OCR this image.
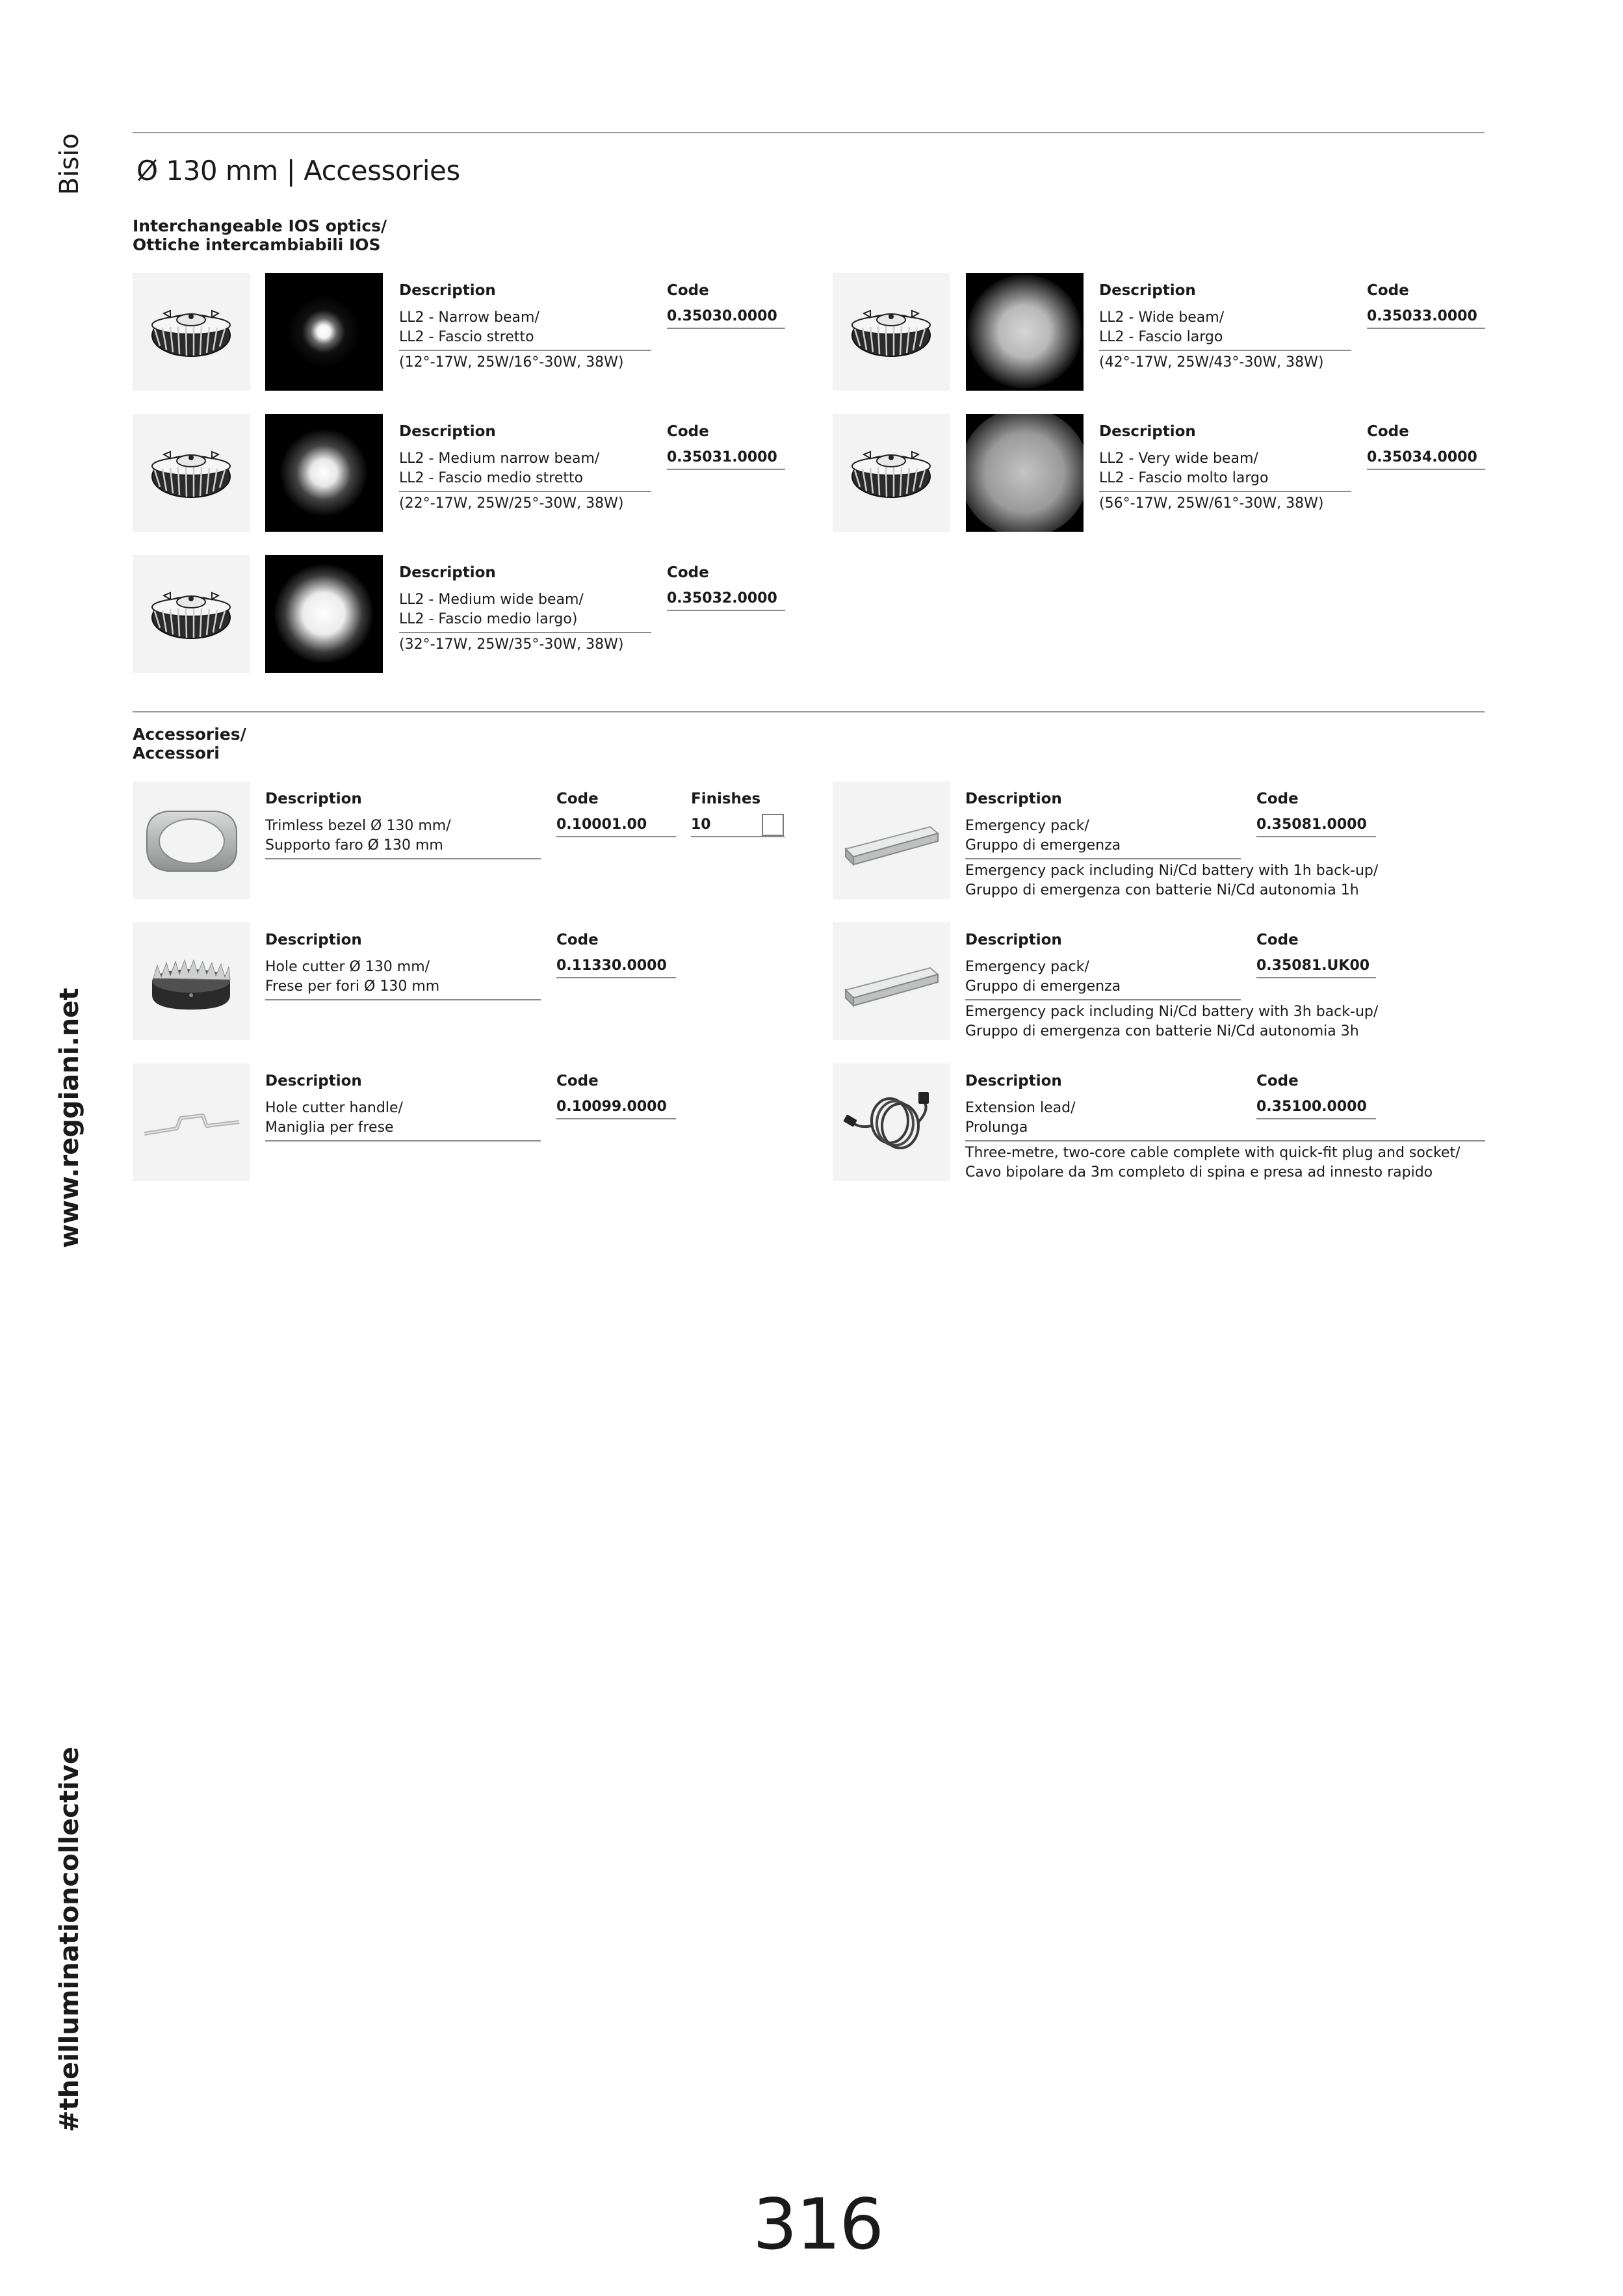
Bisio
www.reggiani.net
#theilluminationcollective
Ø 130 mm | Accessories
Interchangeable IOS optics/
Ottiche intercambiabili IOS
Description
LL2 - Narrow beam/
LL2 - Fascio stretto
(12°-17W, 25W/16°-30W, 38W)
Code
0.35030.0000
Description
LL2 - Wide beam/
LL2 - Fascio largo
(42°-17W, 25W/43°-30W, 38W)
Code
0.35033.0000
Description
LL2 - Medium narrow beam/
LL2 - Fascio medio stretto
(22°-17W, 25W/25°-30W, 38W)
Code
0.35031.0000
Description
LL2 - Very wide beam/
LL2 - Fascio molto largo
(56°-17W, 25W/61°-30W, 38W)
Code
0.35034.0000
Description
LL2 - Medium wide beam/
LL2 - Fascio medio largo)
(32°-17W, 25W/35°-30W, 38W)
Code
0.35032.0000
Accessories/
Accessori
Description
Trimless bezel Ø 130 mm/
Supporto faro Ø 130 mm
Code
0.10001.00
Finishes
10
Description
Hole cutter Ø 130 mm/
Frese per fori Ø 130 mm
Code
0.11330.0000
Description
Hole cutter handle/
Maniglia per frese
Code
0.10099.0000
Description
Emergency pack/
Gruppo di emergenza
Emergency pack including Ni/Cd battery with 1h back-up/
Gruppo di emergenza con batterie Ni/Cd autonomia 1h
Code
0.35081.0000
Description
Emergency pack/
Gruppo di emergenza
Emergency pack including Ni/Cd battery with 3h back-up/
Gruppo di emergenza con batterie Ni/Cd autonomia 3h
Code
0.35081.UK00
Description
Extension lead/
Prolunga
Three-metre, two-core cable complete with quick-fit plug and socket/
Cavo bipolare da 3m completo di spina e presa ad innesto rapido
Code
0.35100.0000
316
